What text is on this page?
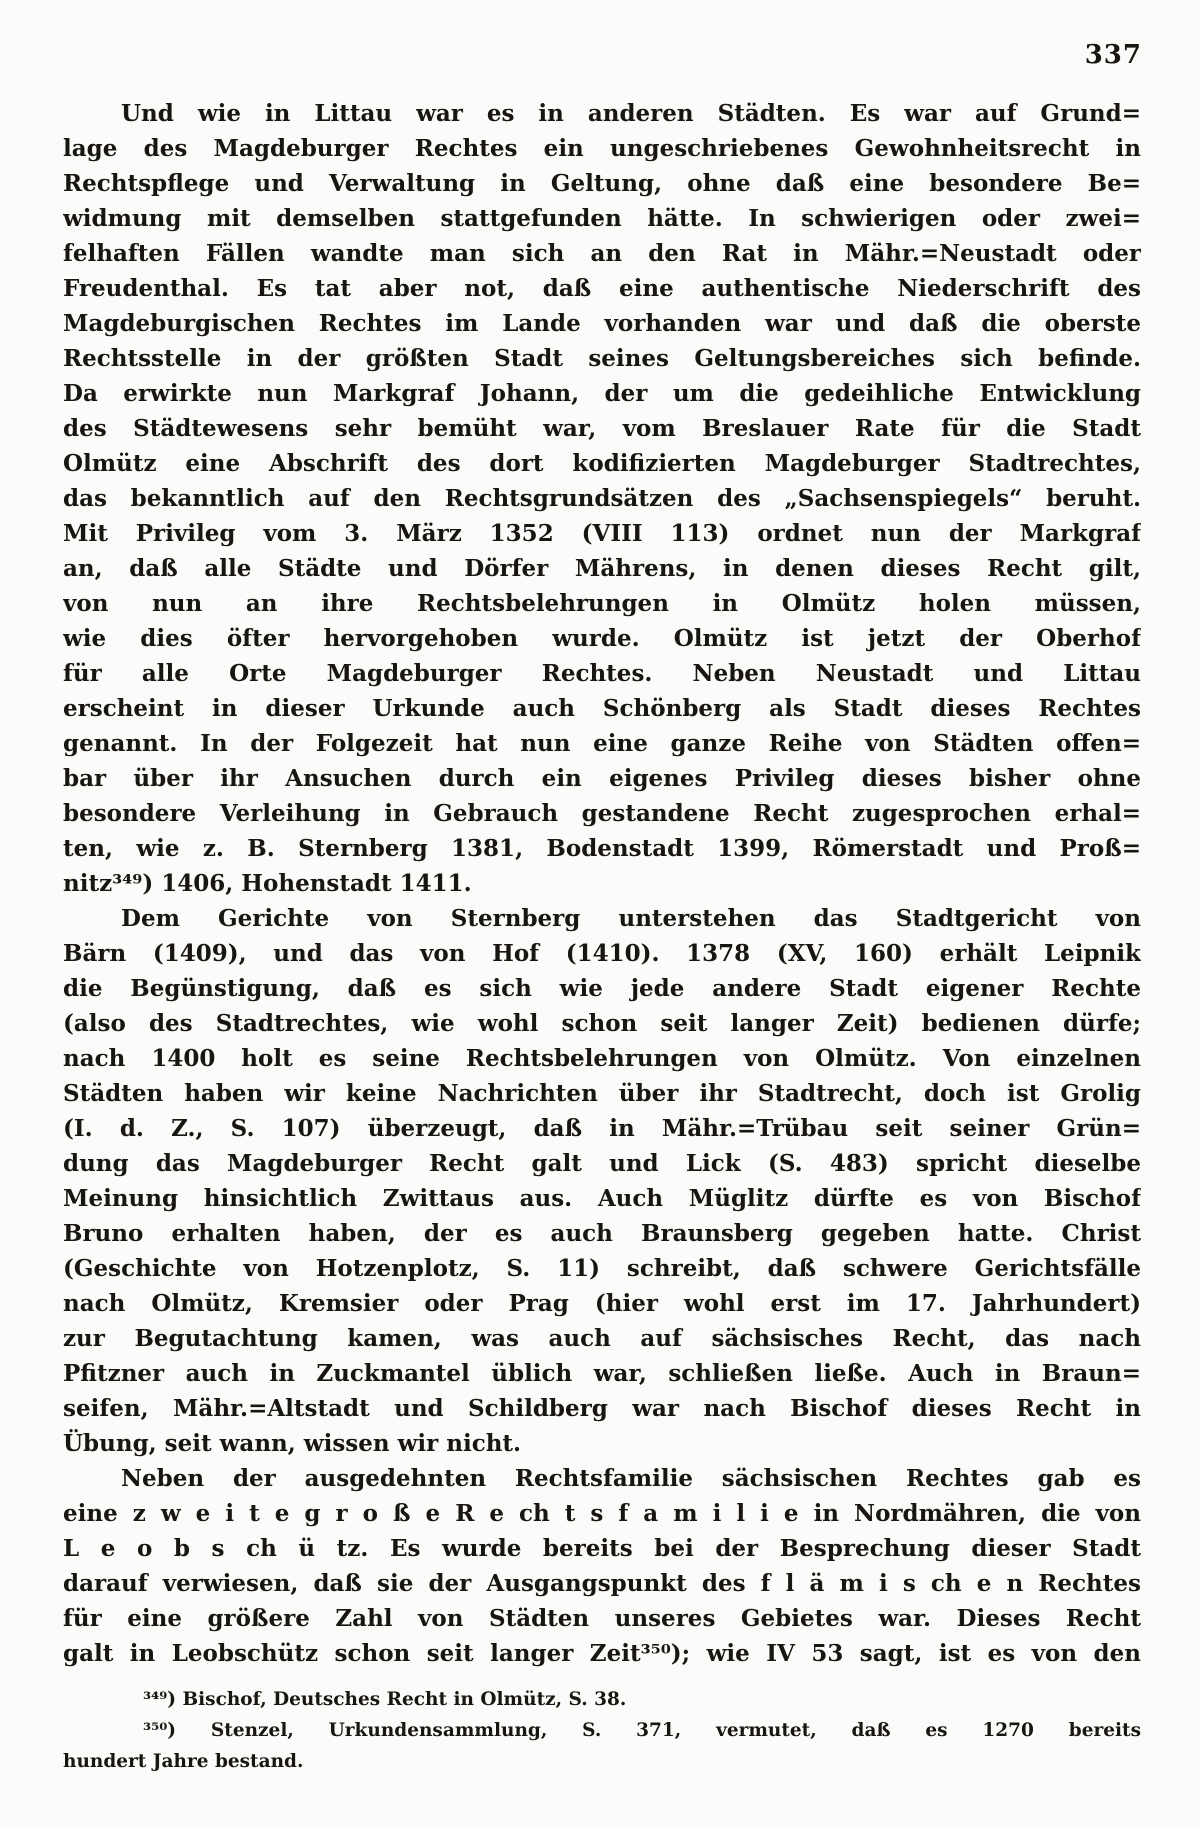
337
Und wie in Littau war es in anderen Städten. Es war auf Grund=
lage des Magdeburger Rechtes ein ungeschriebenes Gewohnheitsrecht in
Rechtspflege und Verwaltung in Geltung, ohne daß eine besondere Be=
widmung mit demselben stattgefunden hätte. In schwierigen oder zwei=
felhaften Fällen wandte man sich an den Rat in Mähr.=Neustadt oder
Freudenthal. Es tat aber not, daß eine authentische Niederschrift des
Magdeburgischen Rechtes im Lande vorhanden war und daß die oberste
Rechtsstelle in der größten Stadt seines Geltungsbereiches sich befinde.
Da erwirkte nun Markgraf Johann, der um die gedeihliche Entwicklung
des Städtewesens sehr bemüht war, vom Breslauer Rate für die Stadt
Olmütz eine Abschrift des dort kodifizierten Magdeburger Stadtrechtes,
das bekanntlich auf den Rechtsgrundsätzen des „Sachsenspiegels“ beruht.
Mit Privileg vom 3. März 1352 (VIII 113) ordnet nun der Markgraf
an, daß alle Städte und Dörfer Mährens, in denen dieses Recht gilt,
von nun an ihre Rechtsbelehrungen in Olmütz holen müssen,
wie dies öfter hervorgehoben wurde. Olmütz ist jetzt der Oberhof
für alle Orte Magdeburger Rechtes. Neben Neustadt und Littau
erscheint in dieser Urkunde auch Schönberg als Stadt dieses Rechtes
genannt. In der Folgezeit hat nun eine ganze Reihe von Städten offen=
bar über ihr Ansuchen durch ein eigenes Privileg dieses bisher ohne
besondere Verleihung in Gebrauch gestandene Recht zugesprochen erhal=
ten, wie z. B. Sternberg 1381, Bodenstadt 1399, Römerstadt und Proß=
nitz³⁴⁹) 1406, Hohenstadt 1411.
Dem Gerichte von Sternberg unterstehen das Stadtgericht von
Bärn (1409), und das von Hof (1410). 1378 (XV, 160) erhält Leipnik
die Begünstigung, daß es sich wie jede andere Stadt eigener Rechte
(also des Stadtrechtes, wie wohl schon seit langer Zeit) bedienen dürfe;
nach 1400 holt es seine Rechtsbelehrungen von Olmütz. Von einzelnen
Städten haben wir keine Nachrichten über ihr Stadtrecht, doch ist Grolig
(I. d. Z., S. 107) überzeugt, daß in Mähr.=Trübau seit seiner Grün=
dung das Magdeburger Recht galt und Lick (S. 483) spricht dieselbe
Meinung hinsichtlich Zwittaus aus. Auch Müglitz dürfte es von Bischof
Bruno erhalten haben, der es auch Braunsberg gegeben hatte. Christ
(Geschichte von Hotzenplotz, S. 11) schreibt, daß schwere Gerichtsfälle
nach Olmütz, Kremsier oder Prag (hier wohl erst im 17. Jahrhundert)
zur Begutachtung kamen, was auch auf sächsisches Recht, das nach
Pfitzner auch in Zuckmantel üblich war, schließen ließe. Auch in Braun=
seifen, Mähr.=Altstadt und Schildberg war nach Bischof dieses Recht in
Übung, seit wann, wissen wir nicht.
Neben der ausgedehnten Rechtsfamilie sächsischen Rechtes gab es
eine z w e i t e g r o ß e R e ch t s f a m i l i e in Nordmähren, die von
L e o b s ch ü tz. Es wurde bereits bei der Besprechung dieser Stadt
darauf verwiesen, daß sie der Ausgangspunkt des f l ä m i s ch e n Rechtes
für eine größere Zahl von Städten unseres Gebietes war. Dieses Recht
galt in Leobschütz schon seit langer Zeit³⁵⁰); wie IV 53 sagt, ist es von den
³⁴⁹) Bischof, Deutsches Recht in Olmütz, S. 38.
³⁵⁰) Stenzel, Urkundensammlung, S. 371, vermutet, daß es 1270 bereits
hundert Jahre bestand.
